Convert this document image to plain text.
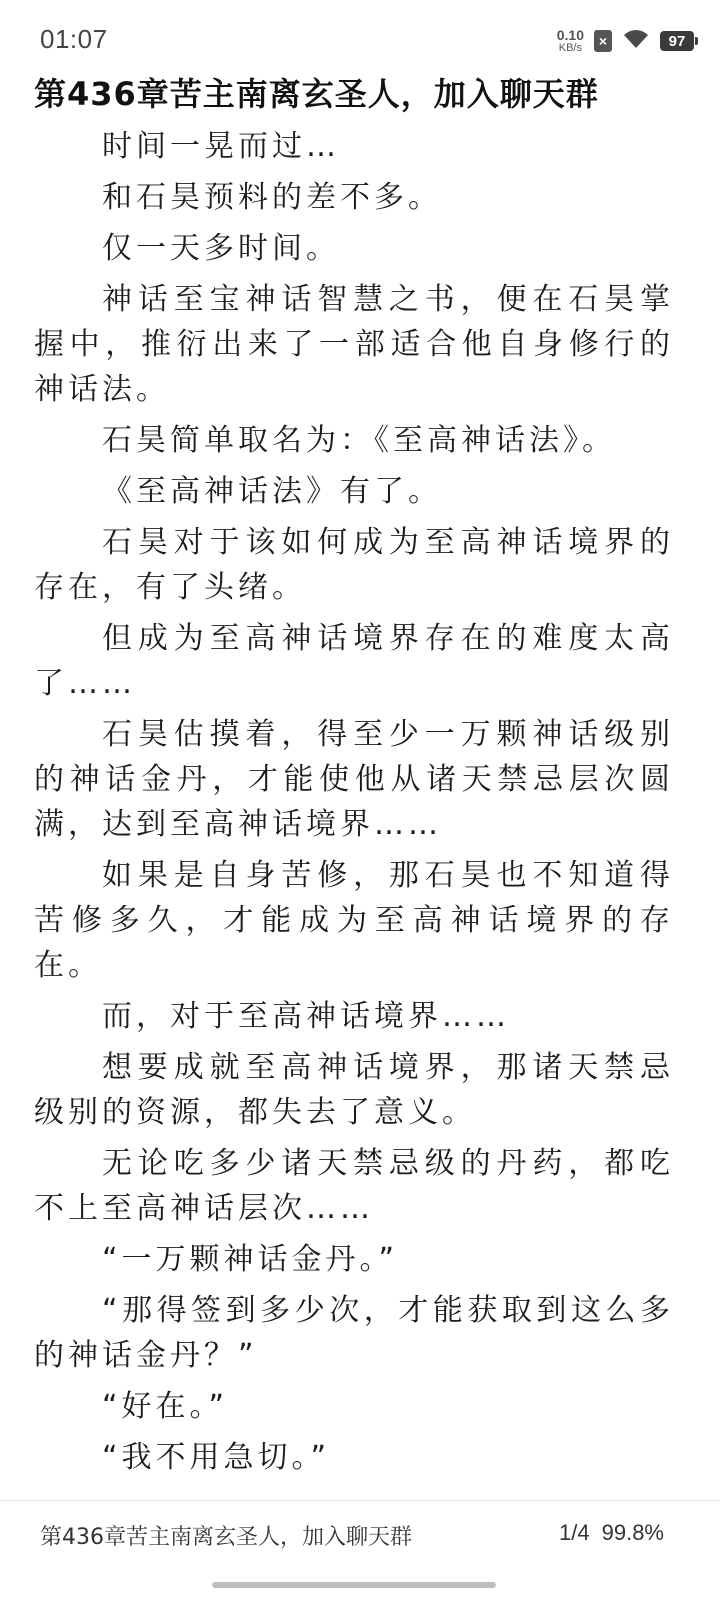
01:07	0.10
KB/s	×	97
第436章苦主南离玄圣人，加入聊天群

时间一晃而过…

和石昊预料的差不多。

仅一天多时间。

神话至宝神话智慧之书，便在石昊掌握中，推衍出来了一部适合他自身修行的神话法。

石昊简单取名为：《至高神话法》。

《至高神话法》有了。

石昊对于该如何成为至高神话境界的存在，有了头绪。

但成为至高神话境界存在的难度太高了……

石昊估摸着，得至少一万颗神话级别的神话金丹，才能使他从诸天禁忌层次圆满，达到至高神话境界……

如果是自身苦修，那石昊也不知道得苦修多久，才能成为至高神话境界的存在。

而，对于至高神话境界……

想要成就至高神话境界，那诸天禁忌级别的资源，都失去了意义。

无论吃多少诸天禁忌级的丹药，都吃不上至高神话层次……

“一万颗神话金丹。”

“那得签到多少次，才能获取到这么多的神话金丹？”

“好在。”

“我不用急切。”

第436章苦主南离玄圣人，加入聊天群	1/4 99.8%
